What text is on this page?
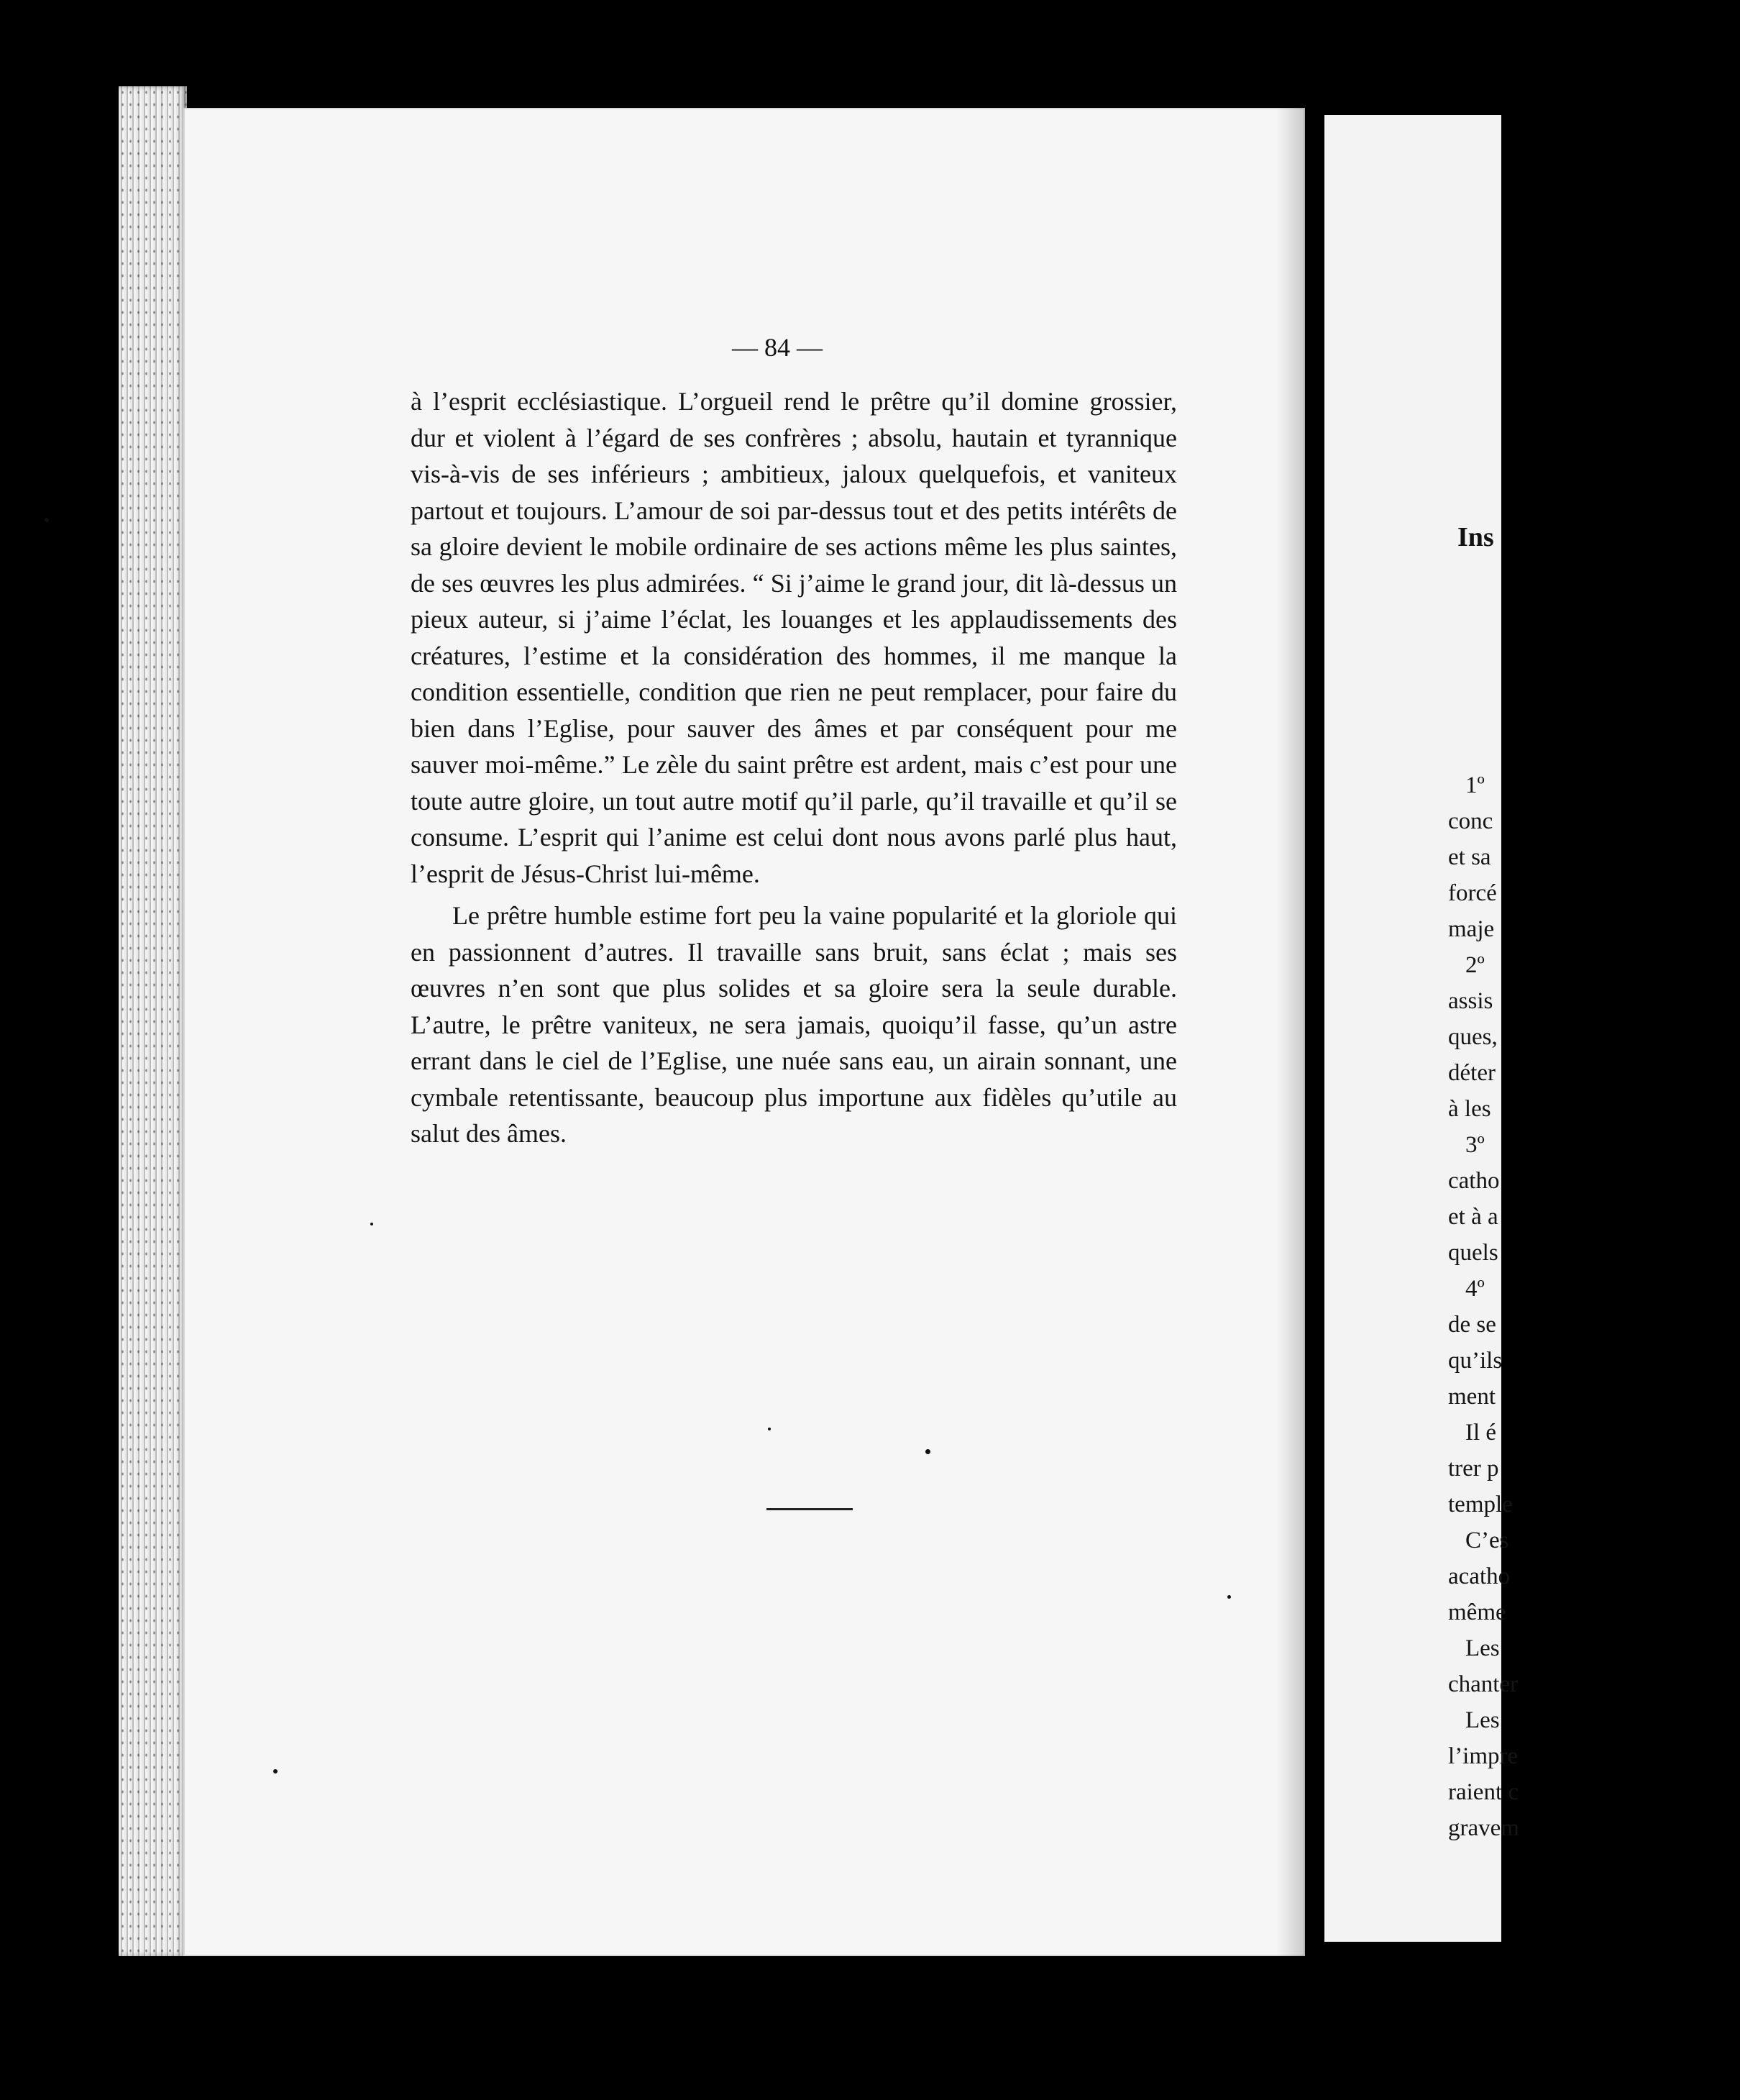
— 84 —

à l’esprit ecclésiastique. L’orgueil rend le prêtre qu’il domine grossier, dur et violent à l’égard de ses confrères ; absolu, hautain et tyrannique vis-à-vis de ses inférieurs ; ambitieux, jaloux quelquefois, et vaniteux partout et toujours. L’amour de soi par-dessus tout et des petits intérêts de sa gloire devient le mobile ordinaire de ses actions même les plus saintes, de ses œuvres les plus admirées. “ Si j’aime le grand jour, dit là-dessus un pieux auteur, si j’aime l’éclat, les louanges et les applaudissements des créatures, l’estime et la considération des hommes, il me manque la condition essentielle, condition que rien ne peut remplacer, pour faire du bien dans l’Eglise, pour sauver des âmes et par conséquent pour me sauver moi-même.” Le zèle du saint prêtre est ardent, mais c’est pour une toute autre gloire, un tout autre motif qu’il parle, qu’il travaille et qu’il se consume. L’esprit qui l’anime est celui dont nous avons parlé plus haut, l’esprit de Jésus-Christ lui-même.

Le prêtre humble estime fort peu la vaine popularité et la gloriole qui en passionnent d’autres. Il travaille sans bruit, sans éclat ; mais ses œuvres n’en sont que plus solides et sa gloire sera la seule durable. L’autre, le prêtre vaniteux, ne sera jamais, quoiqu’il fasse, qu’un astre errant dans le ciel de l’Eglise, une nuée sans eau, un airain sonnant, une cymbale retentissante, beaucoup plus importune aux fidèles qu’utile au salut des âmes.

Ins
1º
conc
et sa
forcé
maje
2º
assis
ques,
déter
à les
3º
catho
et à a
quels
4º
de se
qu’ils
ment
Il é
trer p
temple
C’es
acatho
même
Les
chanter
Les
l’impre
raient c
gravem
